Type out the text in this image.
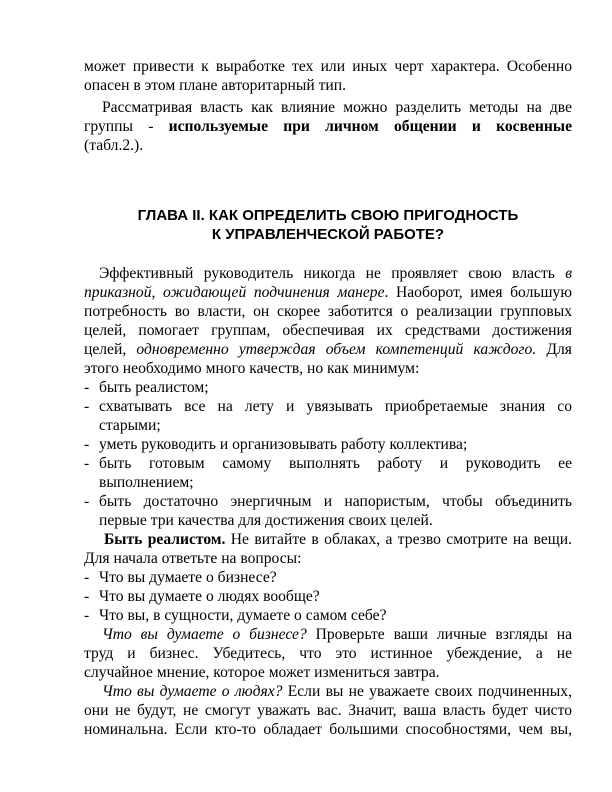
может привести к выработке тех или иных черт характера. Особенно
опасен в этом плане авторитарный тип.
Рассматривая власть как влияние можно разделить методы на две
группы - используемые при личном общении и косвенные
(табл.2.).
ГЛАВА II. КАК ОПРЕДЕЛИТЬ СВОЮ ПРИГОДНОСТЬ
К УПРАВЛЕНЧЕСКОЙ РАБОТЕ?
Эффективный руководитель никогда не проявляет свою власть в
приказной, ожидающей подчинения манере. Наоборот, имея большую
потребность во власти, он скорее заботится о реализации групповых
целей, помогает группам, обеспечивая их средствами достижения
целей, одновременно утверждая объем компетенций каждого. Для
этого необходимо много качеств, но как минимум:
- быть реалистом;
- схватывать все на лету и увязывать приобретаемые знания со
старыми;
- уметь руководить и организовывать работу коллектива;
- быть готовым самому выполнять работу и руководить ее
выполнением;
- быть достаточно энергичным и напористым, чтобы объединить
первые три качества для достижения своих целей.
Быть реалистом. Не витайте в облаках, а трезво смотрите на вещи.
Для начала ответьте на вопросы:
- Что вы думаете о бизнесе?
- Что вы думаете о людях вообще?
- Что вы, в сущности, думаете о самом себе?
Что вы думаете о бизнесе? Проверьте ваши личные взгляды на
труд и бизнес. Убедитесь, что это истинное убеждение, а не
случайное мнение, которое может измениться завтра.
Что вы думаете о людях? Если вы не уважаете своих подчиненных,
они не будут, не смогут уважать вас. Значит, ваша власть будет чисто
номинальна. Если кто-то обладает большими способностями, чем вы,
